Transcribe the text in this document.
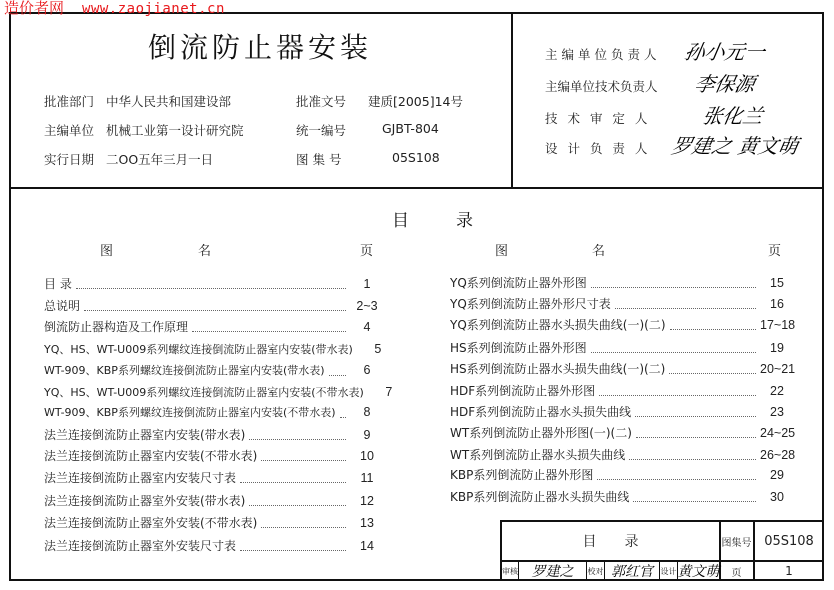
造价者网 www.zaojianet.cn
倒流防止器安装
批准部门 中华人民共和国建设部
主编单位 机械工业第一设计研究院
实行日期 二OO五年三月一日
批准文号 建质[2005]14号
统一编号	GJBT-804
图 集 号	05S108
主编单位负责人 孙小元一
主编单位技术负责人 李保源
技 术 审 定 人	张化兰
设 计 负 责 人 罗建之 黄文萌
目	录
图	名	页	图	名	页
目 录	1
总说明	2~3
倒流防止器构造及工作原理	4
YQ、HS、WT-U009系列螺纹连接倒流防止器室内安装(带水表)	5
WT-909、KBP系列螺纹连接倒流防止器室内安装(带水表)	6
YQ、HS、WT-U009系列螺纹连接倒流防止器室内安装(不带水表)	7
WT-909、KBP系列螺纹连接倒流防止器室内安装(不带水表)	8
法兰连接倒流防止器室内安装(带水表)	9
法兰连接倒流防止器室内安装(不带水表)	10
法兰连接倒流防止器室内安装尺寸表	11
法兰连接倒流防止器室外安装(带水表)	12
法兰连接倒流防止器室外安装(不带水表)	13
法兰连接倒流防止器室外安装尺寸表	14
YQ系列倒流防止器外形图	15
YQ系列倒流防止器外形尺寸表	16
YQ系列倒流防止器水头损失曲线(一)(二)	17~18
HS系列倒流防止器外形图	19
HS系列倒流防止器水头损失曲线(一)(二)	20~21
HDF系列倒流防止器外形图	22
HDF系列倒流防止器水头损失曲线	23
WT系列倒流防止器外形图(一)(二)	24~25
WT系列倒流防止器水头损失曲线	26~28
KBP系列倒流防止器外形图	29
KBP系列倒流防止器水头损失曲线	30
目　　录	图集号 05S108
审核 罗建之	校对 郭红官 设计 黄文萌	页	1
